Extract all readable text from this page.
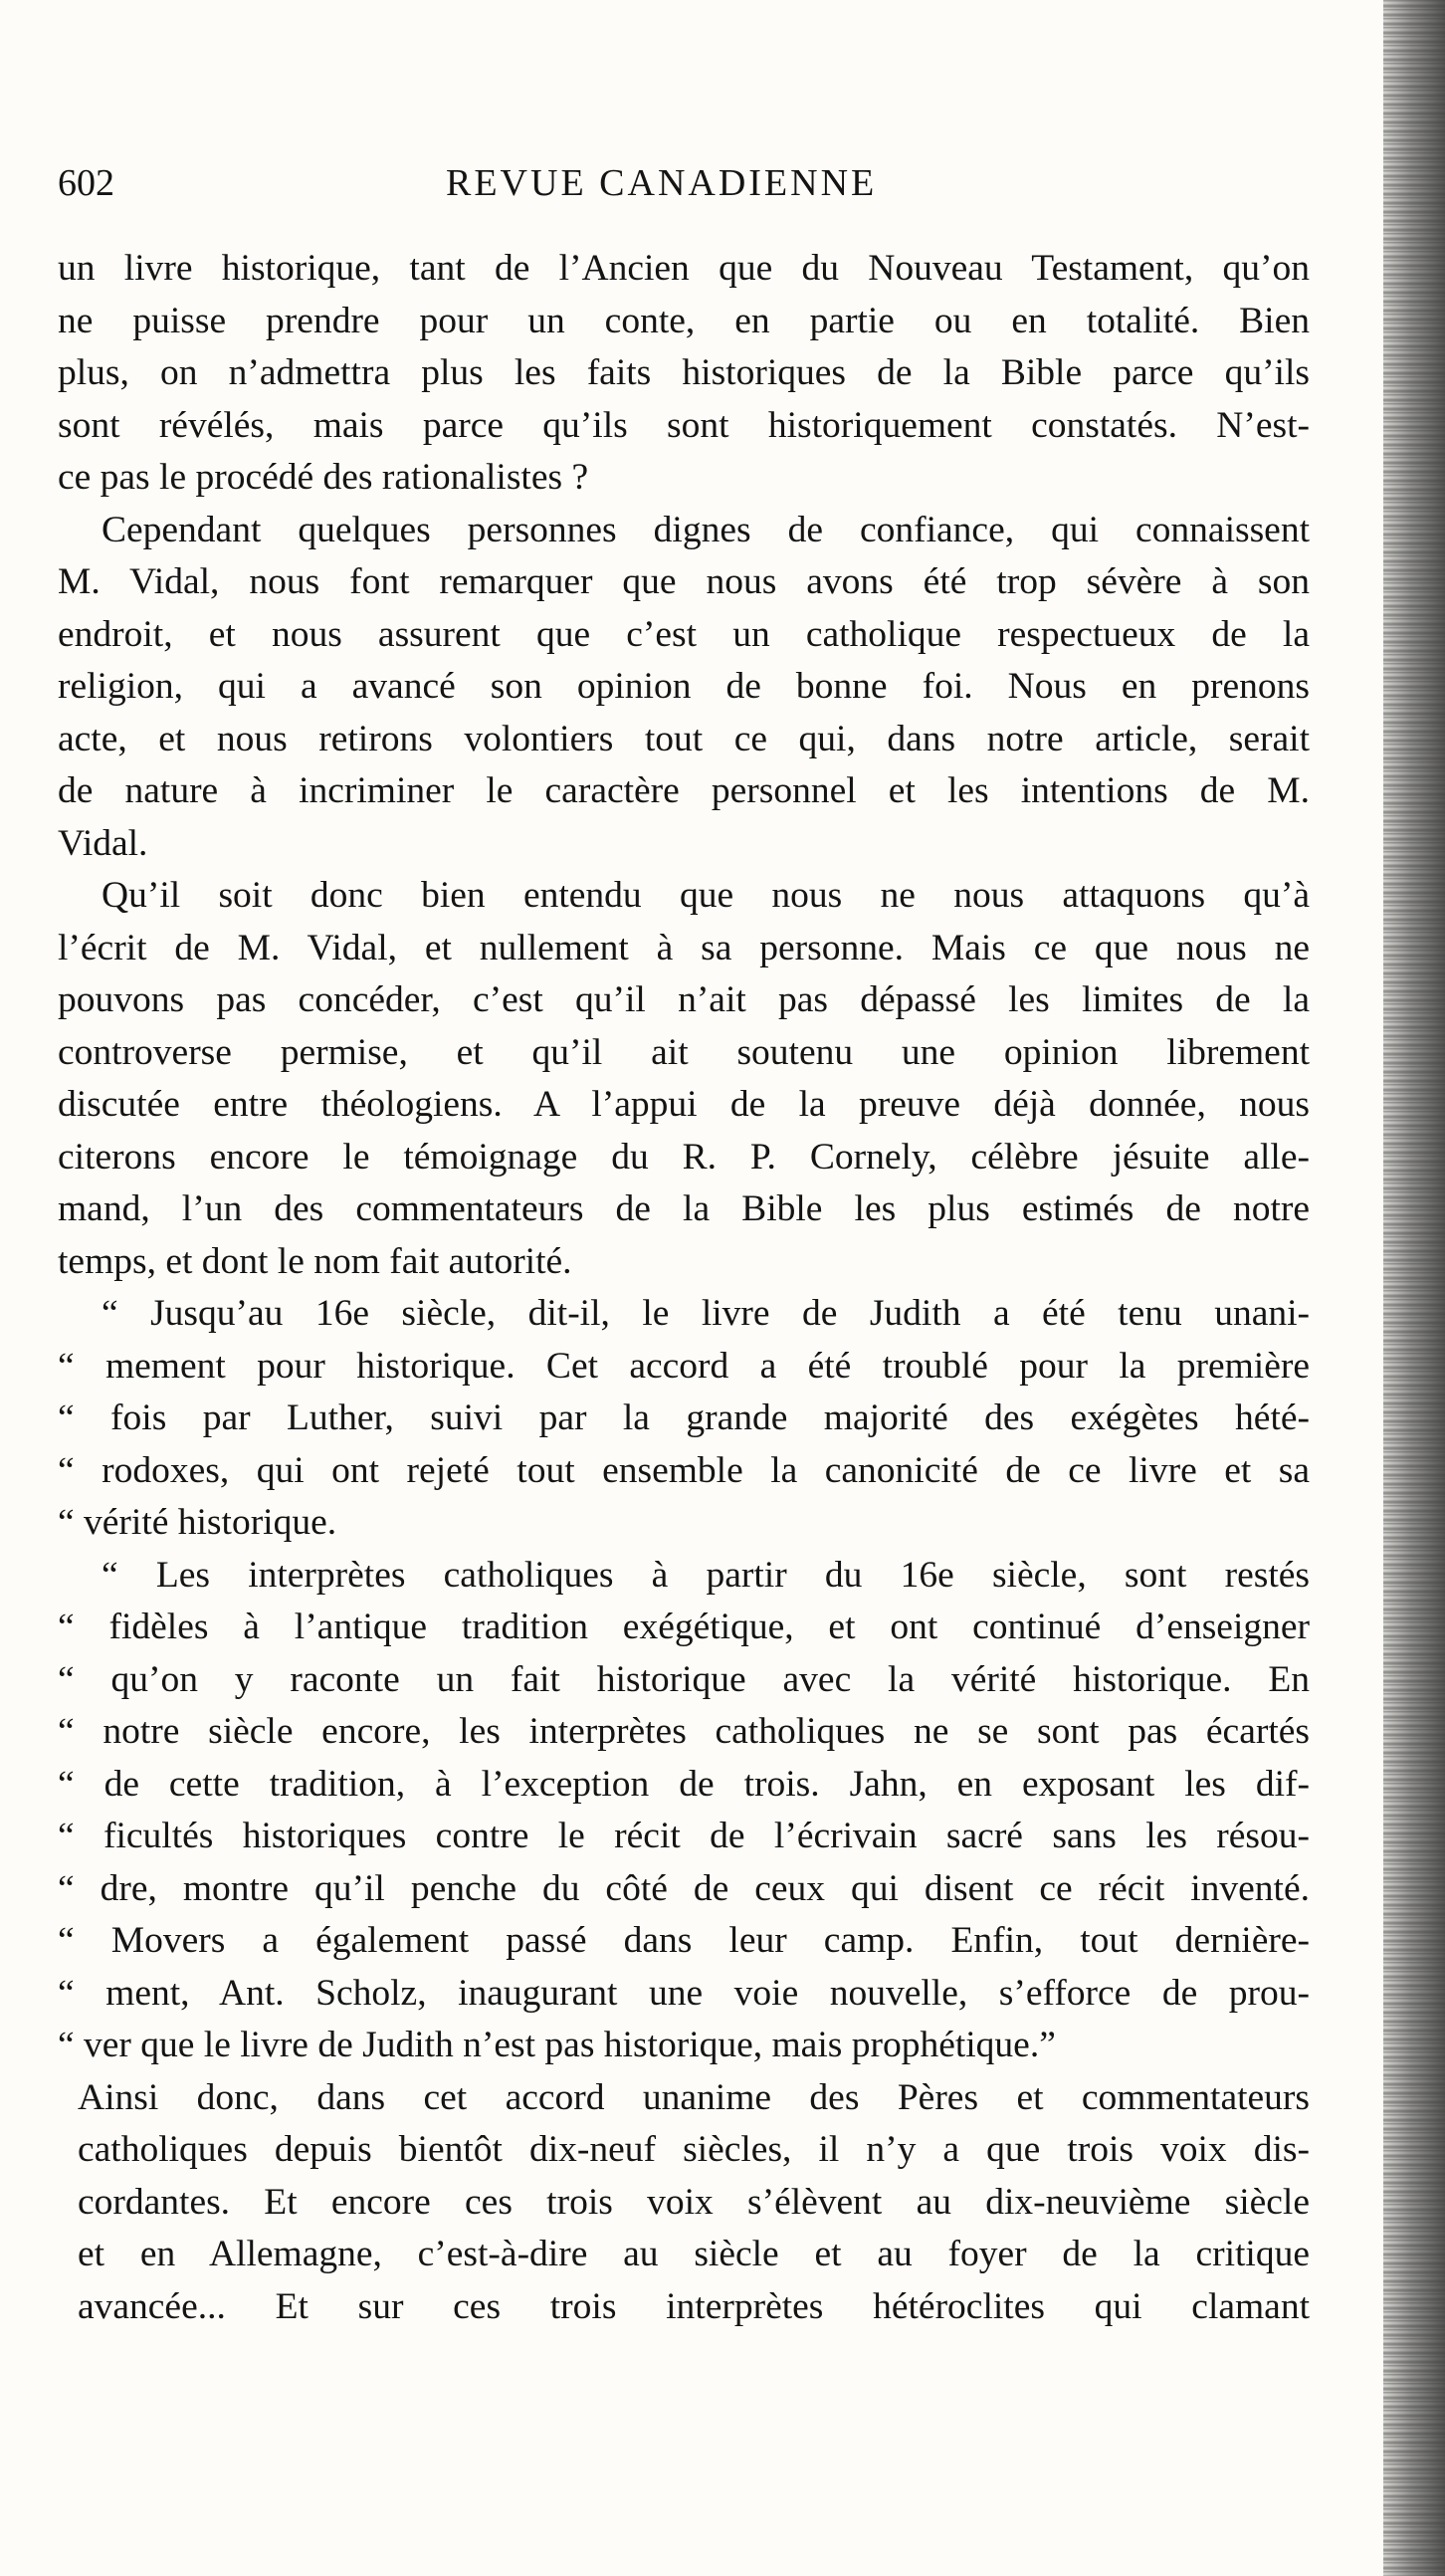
602	REVUE CANADIENNE
un livre historique, tant de l’Ancien que du Nouveau Testament, qu’on
ne puisse prendre pour un conte, en partie ou en totalité. Bien
plus, on n’admettra plus les faits historiques de la Bible parce qu’ils
sont révélés, mais parce qu’ils sont historiquement constatés. N’est-
ce pas le procédé des rationalistes ?
Cependant quelques personnes dignes de confiance, qui connaissent
M. Vidal, nous font remarquer que nous avons été trop sévère à son
endroit, et nous assurent que c’est un catholique respectueux de la
religion, qui a avancé son opinion de bonne foi. Nous en prenons
acte, et nous retirons volontiers tout ce qui, dans notre article, serait
de nature à incriminer le caractère personnel et les intentions de M.
Vidal.
Qu’il soit donc bien entendu que nous ne nous attaquons qu’à
l’écrit de M. Vidal, et nullement à sa personne. Mais ce que nous ne
pouvons pas concéder, c’est qu’il n’ait pas dépassé les limites de la
controverse permise, et qu’il ait soutenu une opinion librement
discutée entre théologiens. A l’appui de la preuve déjà donnée, nous
citerons encore le témoignage du R. P. Cornely, célèbre jésuite alle-
mand, l’un des commentateurs de la Bible les plus estimés de notre
temps, et dont le nom fait autorité.
“ Jusqu’au 16e siècle, dit-il, le livre de Judith a été tenu unani-
“ mement pour historique. Cet accord a été troublé pour la première
“ fois par Luther, suivi par la grande majorité des exégètes hété-
“ rodoxes, qui ont rejeté tout ensemble la canonicité de ce livre et sa
“ vérité historique.
“ Les interprètes catholiques à partir du 16e siècle, sont restés
“ fidèles à l’antique tradition exégétique, et ont continué d’enseigner
“ qu’on y raconte un fait historique avec la vérité historique. En
“ notre siècle encore, les interprètes catholiques ne se sont pas écartés
“ de cette tradition, à l’exception de trois. Jahn, en exposant les dif-
“ ficultés historiques contre le récit de l’écrivain sacré sans les résou-
“ dre, montre qu’il penche du côté de ceux qui disent ce récit inventé.
“ Movers a également passé dans leur camp. Enfin, tout dernière-
“ ment, Ant. Scholz, inaugurant une voie nouvelle, s’efforce de prou-
“ ver que le livre de Judith n’est pas historique, mais prophétique.”
Ainsi donc, dans cet accord unanime des Pères et commentateurs
catholiques depuis bientôt dix-neuf siècles, il n’y a que trois voix dis-
cordantes. Et encore ces trois voix s’élèvent au dix-neuvième siècle
et en Allemagne, c’est-à-dire au siècle et au foyer de la critique
avancée... Et sur ces trois interprètes hétéroclites qui clamant
